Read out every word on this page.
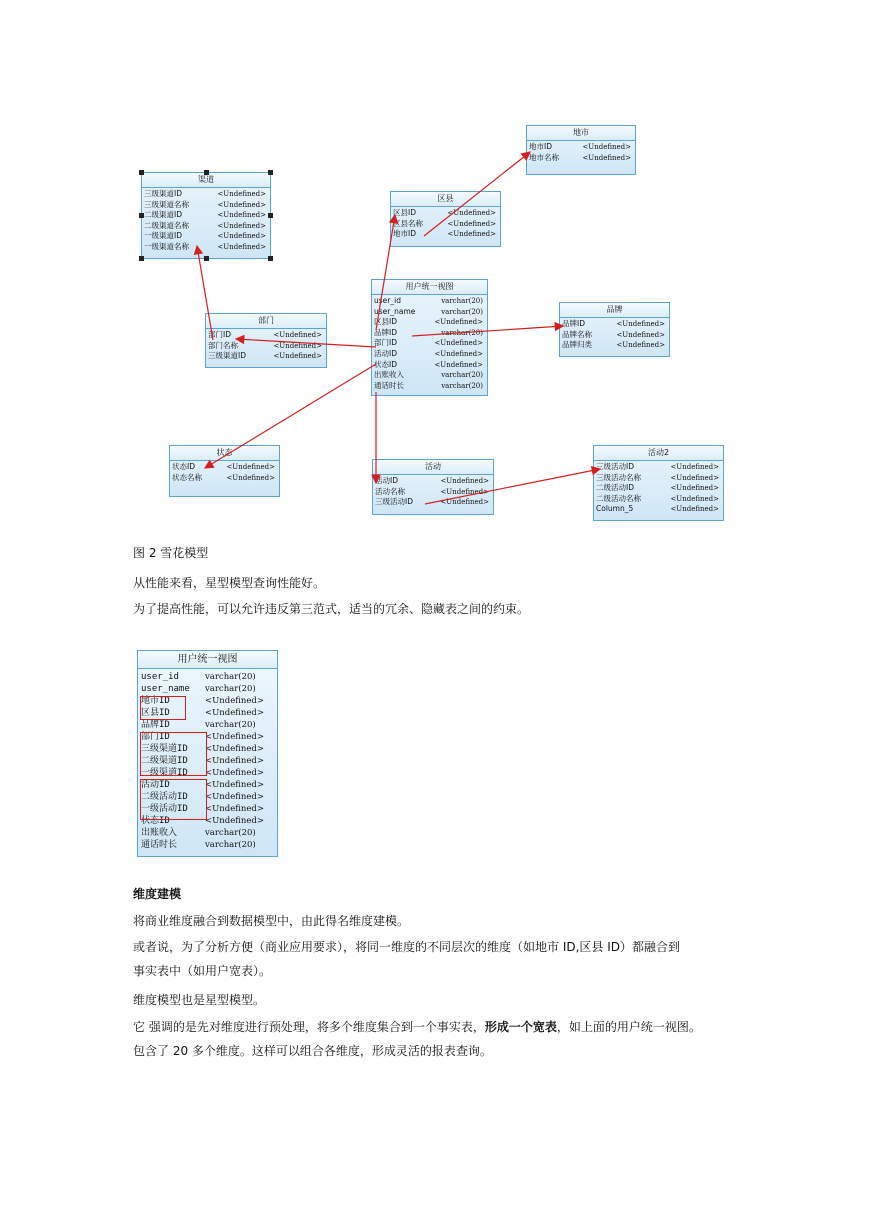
地市
地市ID	<Undefined>
地市名称	<Undefined>
渠道
三级渠道ID	<Undefined>
三级渠道名称	<Undefined>
二级渠道ID	<Undefined>
二级渠道名称	<Undefined>
一级渠道ID	<Undefined>
一级渠道名称	<Undefined>
区县
区县ID	<Undefined>
区县名称	<Undefined>
地市ID	<Undefined>
用户统一视图
user_id	varchar(20)
user_name	varchar(20)
区县ID	<Undefined>
品牌ID	varchar(20)
部门ID	<Undefined>
活动ID	<Undefined>
状态ID	<Undefined>
出账收入	varchar(20)
通话时长	varchar(20)
部门
部门ID	<Undefined>
部门名称	<Undefined>
三级渠道ID	<Undefined>
品牌
品牌ID	<Undefined>
品牌名称	<Undefined>
品牌归类	<Undefined>
状态
状态ID	<Undefined>
状态名称	<Undefined>
活动
活动ID	<Undefined>
活动名称	<Undefined>
三级活动ID	<Undefined>
活动2
三级活动ID	<Undefined>
三级活动名称	<Undefined>
二级活动ID	<Undefined>
二级活动名称	<Undefined>
Column_5	<Undefined>
图 2 雪花模型
从性能来看，星型模型查询性能好。
为了提高性能，可以允许违反第三范式，适当的冗余、隐藏表之间的约束。
用户统一视图
user_id	varchar(20)
user_name	varchar(20)
地市ID	<Undefined>
区县ID	<Undefined>
品牌ID	varchar(20)
部门ID	<Undefined>
三级渠道ID	<Undefined>
二级渠道ID	<Undefined>
一级渠道ID	<Undefined>
活动ID	<Undefined>
二级活动ID	<Undefined>
一级活动ID	<Undefined>
状态ID	<Undefined>
出账收入	varchar(20)
通话时长	varchar(20)
维度建模
将商业维度融合到数据模型中，由此得名维度建模。
或者说，为了分析方便（商业应用要求），将同一维度的不同层次的维度（如地市 ID,区县 ID）都融合到
事实表中（如用户宽表）。
维度模型也是星型模型。
它 强调的是先对维度进行预处理，将多个维度集合到一个事实表，形成一个宽表，如上面的用户统一视图。
包含了 20 多个维度。这样可以组合各维度，形成灵活的报表查询。
